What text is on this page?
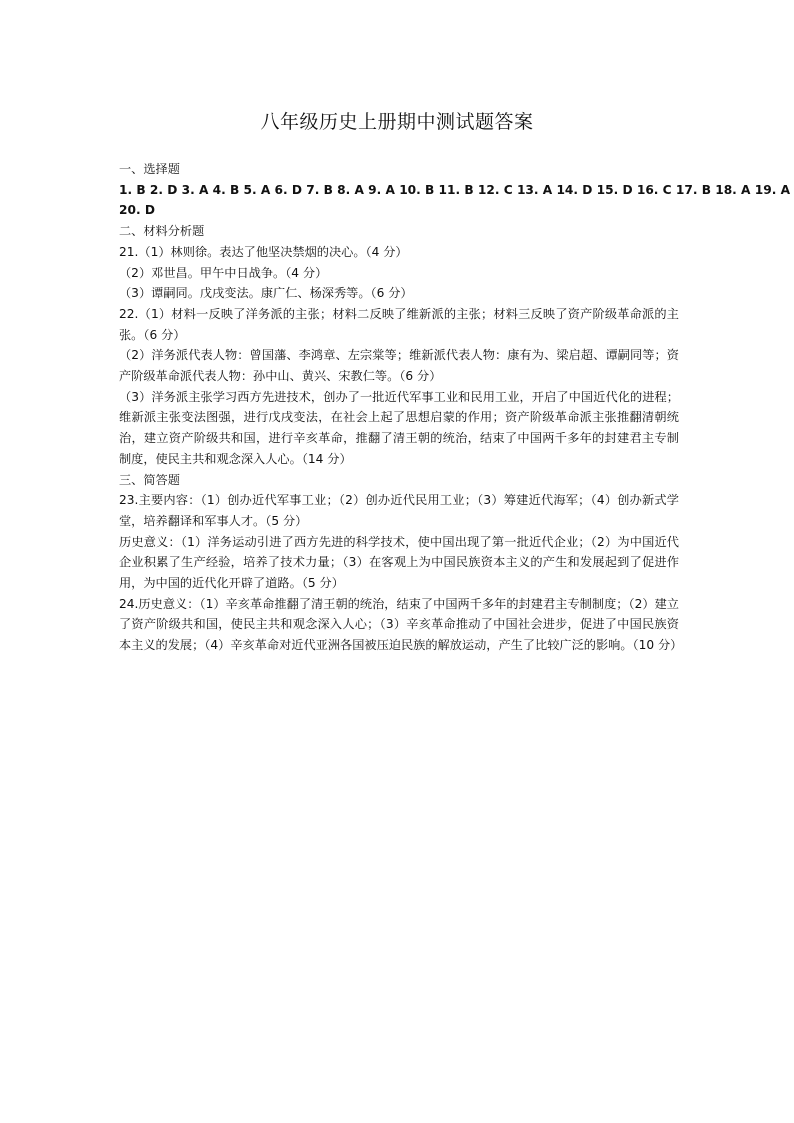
八年级历史上册期中测试题答案
一、选择题
1. B 2. D 3. A 4. B 5. A 6. D 7. B 8. A 9. A 10. B 11. B 12. C 13. A 14. D 15. D 16. C 17. B 18. A 19. A
20. D
二、材料分析题
21.（1）林则徐。表达了他坚决禁烟的决心。（4 分）
（2）邓世昌。甲午中日战争。（4 分）
（3）谭嗣同。戊戌变法。康广仁、杨深秀等。（6 分）
22.（1）材料一反映了洋务派的主张；材料二反映了维新派的主张；材料三反映了资产阶级革命派的主张。（6 分）
（2）洋务派代表人物：曾国藩、李鸿章、左宗棠等；维新派代表人物：康有为、梁启超、谭嗣同等；资产阶级革命派代表人物：孙中山、黄兴、宋教仁等。（6 分）
（3）洋务派主张学习西方先进技术，创办了一批近代军事工业和民用工业，开启了中国近代化的进程；维新派主张变法图强，进行戊戌变法，在社会上起了思想启蒙的作用；资产阶级革命派主张推翻清朝统治，建立资产阶级共和国，进行辛亥革命，推翻了清王朝的统治，结束了中国两千多年的封建君主专制制度，使民主共和观念深入人心。（14 分）
三、简答题
23.主要内容：（1）创办近代军事工业；（2）创办近代民用工业；（3）筹建近代海军；（4）创办新式学堂，培养翻译和军事人才。（5 分）
历史意义：（1）洋务运动引进了西方先进的科学技术，使中国出现了第一批近代企业；（2）为中国近代企业积累了生产经验，培养了技术力量；（3）在客观上为中国民族资本主义的产生和发展起到了促进作用，为中国的近代化开辟了道路。（5 分）
24.历史意义：（1）辛亥革命推翻了清王朝的统治，结束了中国两千多年的封建君主专制制度；（2）建立了资产阶级共和国，使民主共和观念深入人心；（3）辛亥革命推动了中国社会进步，促进了中国民族资本主义的发展；（4）辛亥革命对近代亚洲各国被压迫民族的解放运动，产生了比较广泛的影响。（10 分）
